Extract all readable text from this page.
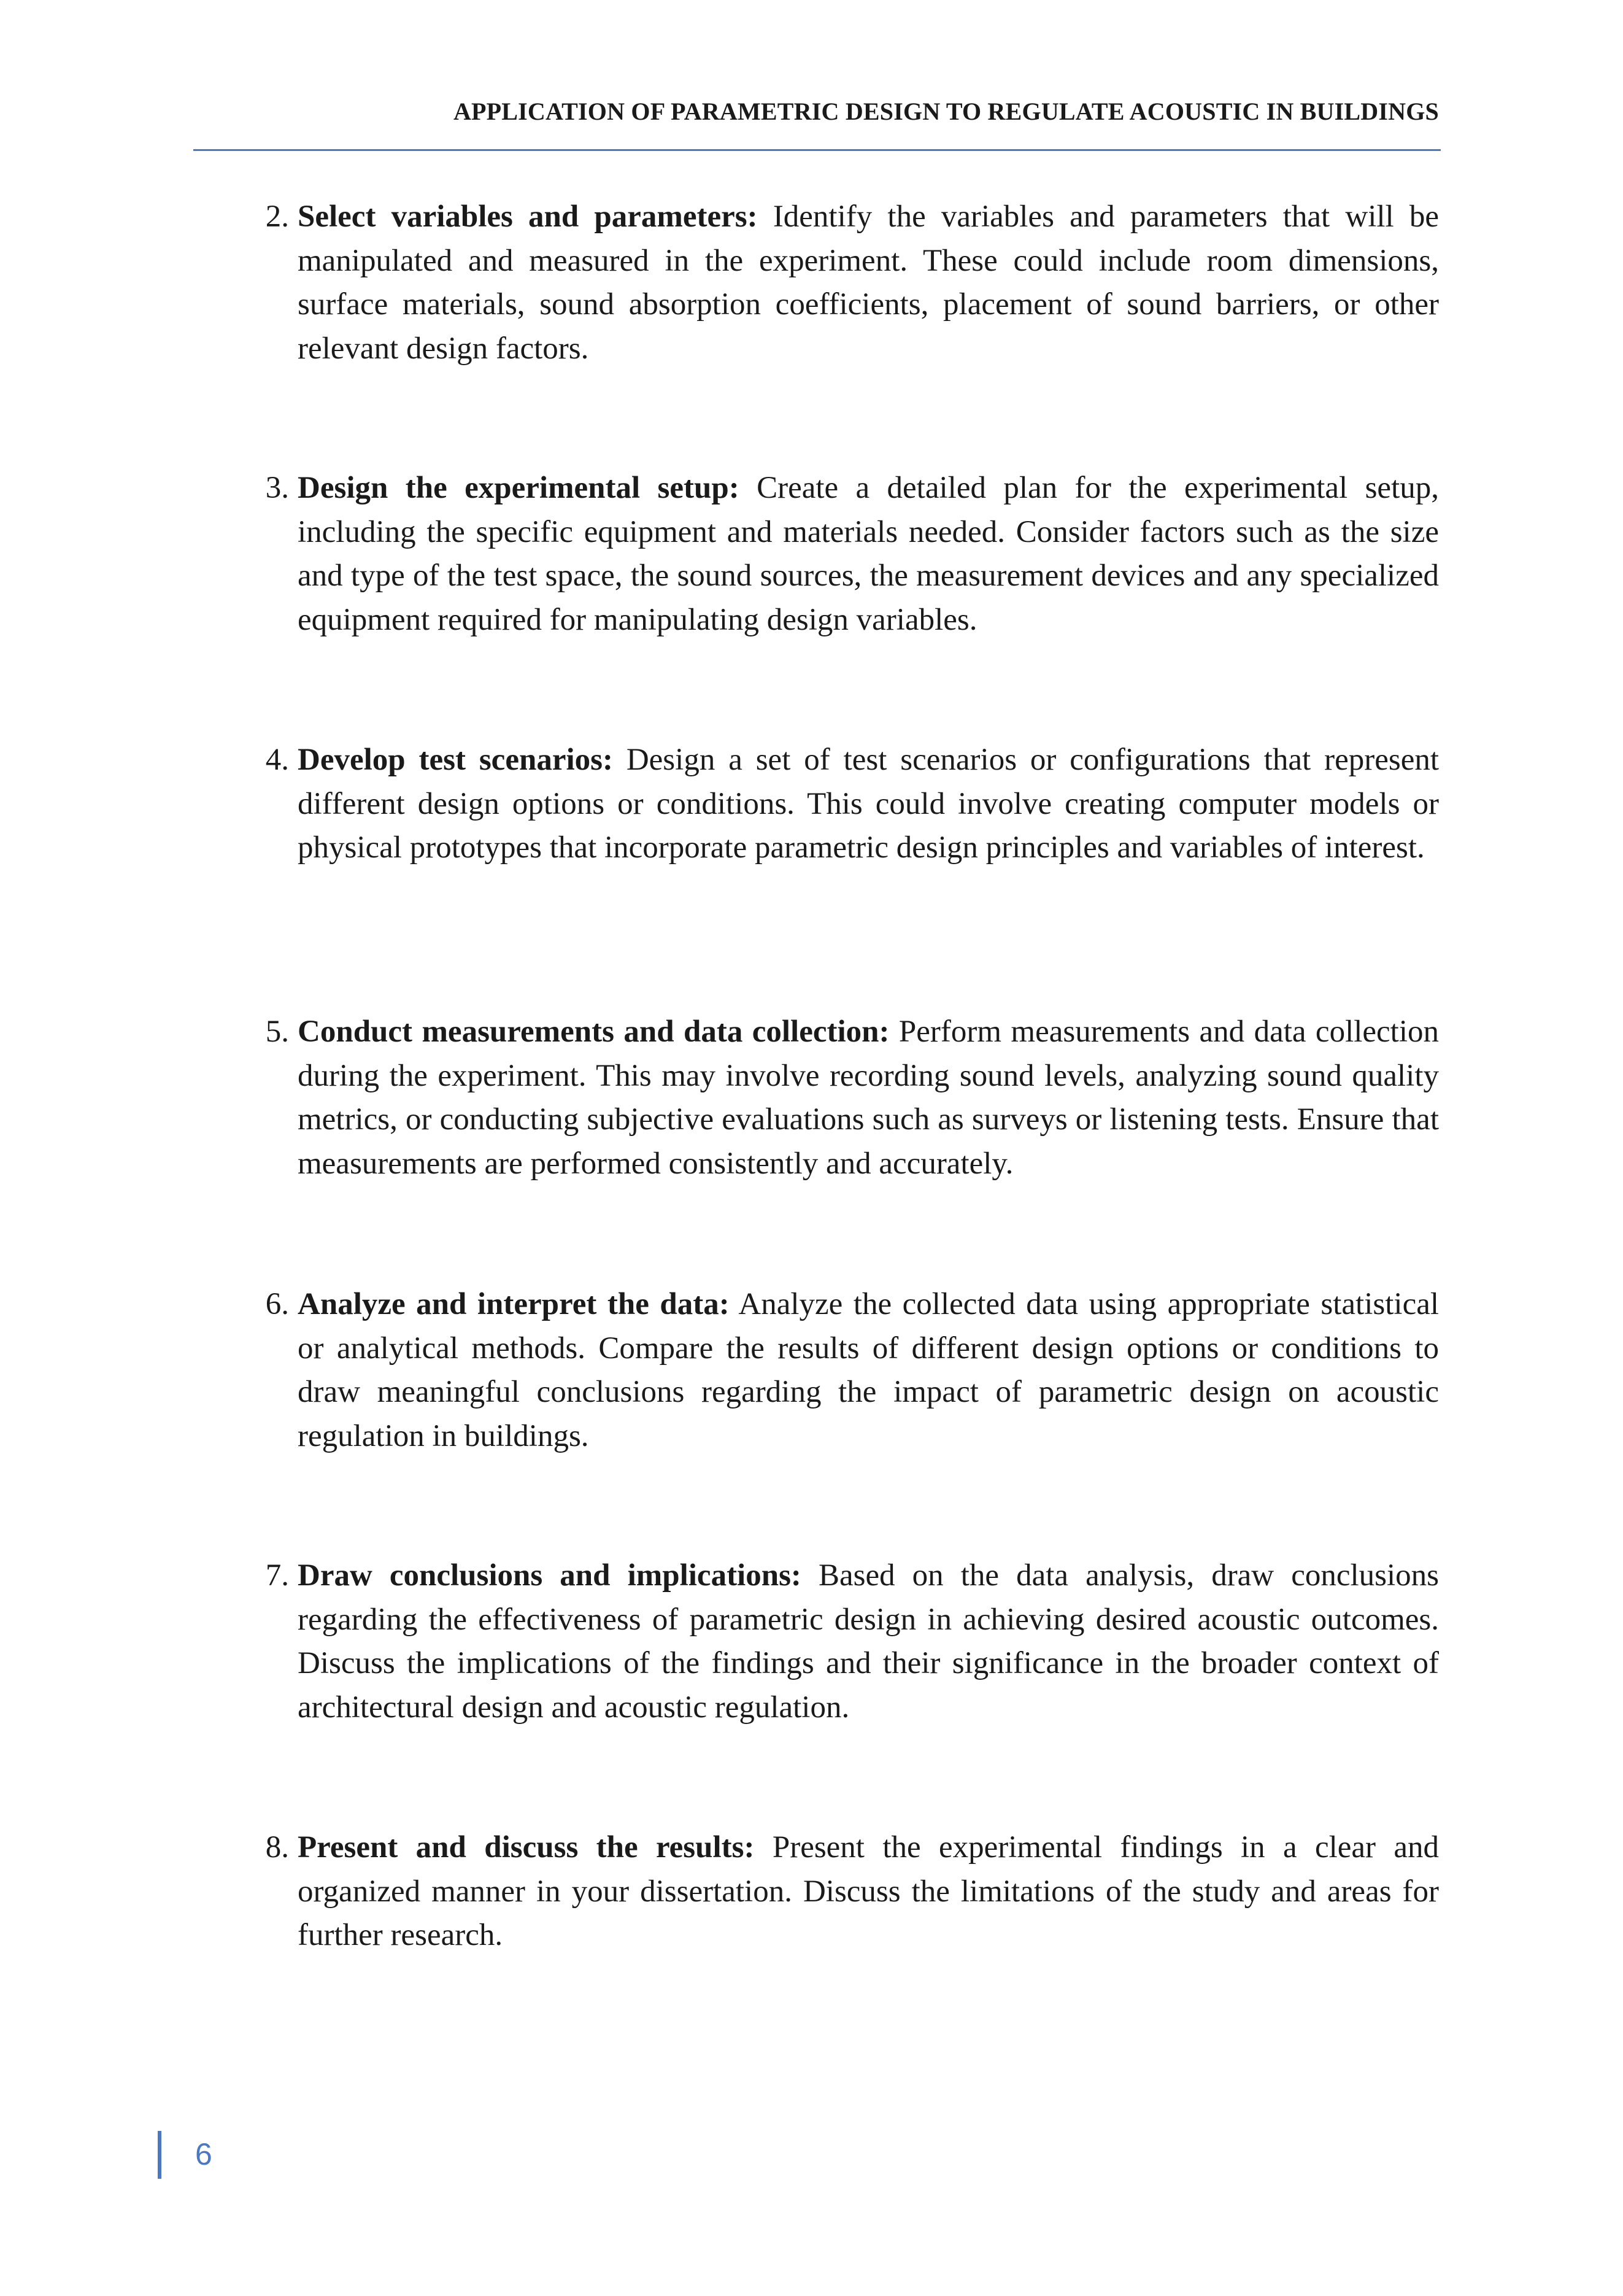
APPLICATION OF PARAMETRIC DESIGN TO REGULATE ACOUSTIC IN BUILDINGS

2. Select variables and parameters: Identify the variables and parameters that will be manipulated and measured in the experiment. These could include room dimensions, surface materials, sound absorption coefficients, placement of sound barriers, or other relevant design factors.

3. Design the experimental setup: Create a detailed plan for the experimental setup, including the specific equipment and materials needed. Consider factors such as the size and type of the test space, the sound sources, the measurement devices and any specialized equipment required for manipulating design variables.

4. Develop test scenarios: Design a set of test scenarios or configurations that represent different design options or conditions. This could involve creating computer models or physical prototypes that incorporate parametric design principles and variables of interest.

5. Conduct measurements and data collection: Perform measurements and data collection during the experiment. This may involve recording sound levels, analyzing sound quality metrics, or conducting subjective evaluations such as surveys or listening tests. Ensure that measurements are performed consistently and accurately.

6. Analyze and interpret the data: Analyze the collected data using appropriate statistical or analytical methods. Compare the results of different design options or conditions to draw meaningful conclusions regarding the impact of parametric design on acoustic regulation in buildings.

7. Draw conclusions and implications: Based on the data analysis, draw conclusions regarding the effectiveness of parametric design in achieving desired acoustic outcomes. Discuss the implications of the findings and their significance in the broader context of architectural design and acoustic regulation.

8. Present and discuss the results: Present the experimental findings in a clear and organized manner in your dissertation. Discuss the limitations of the study and areas for further research.

6
